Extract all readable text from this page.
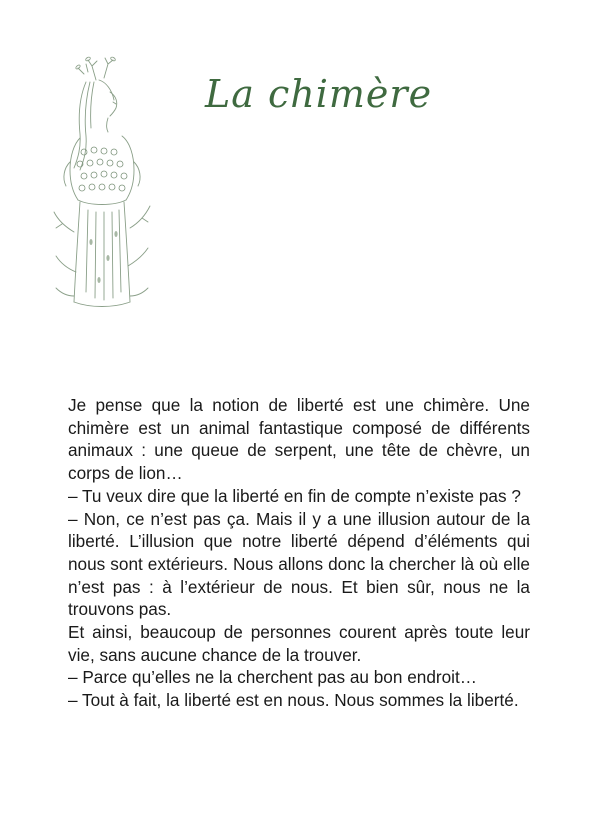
La chimère

Je pense que la notion de liberté est une chimère. Une chimère est un animal fantastique composé de différents animaux : une queue de serpent, une tête de chèvre, un corps de lion…

– Tu veux dire que la liberté en fin de compte n’existe pas ?

– Non, ce n’est pas ça. Mais il y a une illusion autour de la liberté. L’illusion que notre liberté dépend d’éléments qui nous sont extérieurs. Nous allons donc la chercher là où elle n’est pas : à l’extérieur de nous. Et bien sûr, nous ne la trouvons pas.

Et ainsi, beaucoup de personnes courent après toute leur vie, sans aucune chance de la trouver.

– Parce qu’elles ne la cherchent pas au bon endroit…

– Tout à fait, la liberté est en nous. Nous sommes la liberté.
